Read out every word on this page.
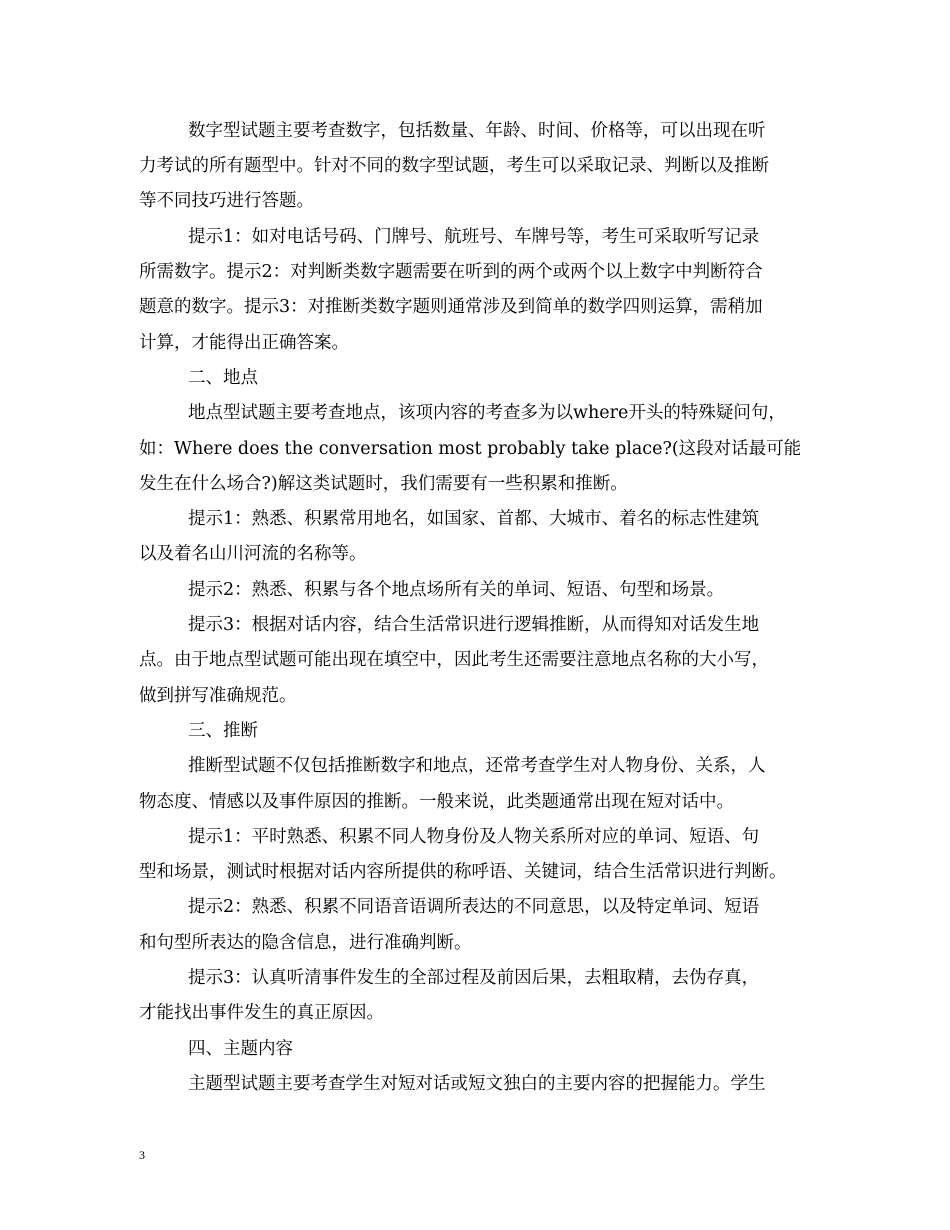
数字型试题主要考查数字，包括数量、年龄、时间、价格等，可以出现在听
力考试的所有题型中。针对不同的数字型试题，考生可以采取记录、判断以及推断
等不同技巧进行答题。
提示1：如对电话号码、门牌号、航班号、车牌号等，考生可采取听写记录
所需数字。提示2：对判断类数字题需要在听到的两个或两个以上数字中判断符合
题意的数字。提示3：对推断类数字题则通常涉及到简单的数学四则运算，需稍加
计算，才能得出正确答案。
二、地点
地点型试题主要考查地点，该项内容的考查多为以where开头的特殊疑问句，
如：Where does the conversation most probably take place?(这段对话最可能
发生在什么场合?)解这类试题时，我们需要有一些积累和推断。
提示1：熟悉、积累常用地名，如国家、首都、大城市、着名的标志性建筑
以及着名山川河流的名称等。
提示2：熟悉、积累与各个地点场所有关的单词、短语、句型和场景。
提示3：根据对话内容，结合生活常识进行逻辑推断，从而得知对话发生地
点。由于地点型试题可能出现在填空中，因此考生还需要注意地点名称的大小写，
做到拼写准确规范。
三、推断
推断型试题不仅包括推断数字和地点，还常考查学生对人物身份、关系，人
物态度、情感以及事件原因的推断。一般来说，此类题通常出现在短对话中。
提示1：平时熟悉、积累不同人物身份及人物关系所对应的单词、短语、句
型和场景，测试时根据对话内容所提供的称呼语、关键词，结合生活常识进行判断。
提示2：熟悉、积累不同语音语调所表达的不同意思，以及特定单词、短语
和句型所表达的隐含信息，进行准确判断。
提示3：认真听清事件发生的全部过程及前因后果，去粗取精，去伪存真，
才能找出事件发生的真正原因。
四、主题内容
主题型试题主要考查学生对短对话或短文独白的主要内容的把握能力。学生
3
